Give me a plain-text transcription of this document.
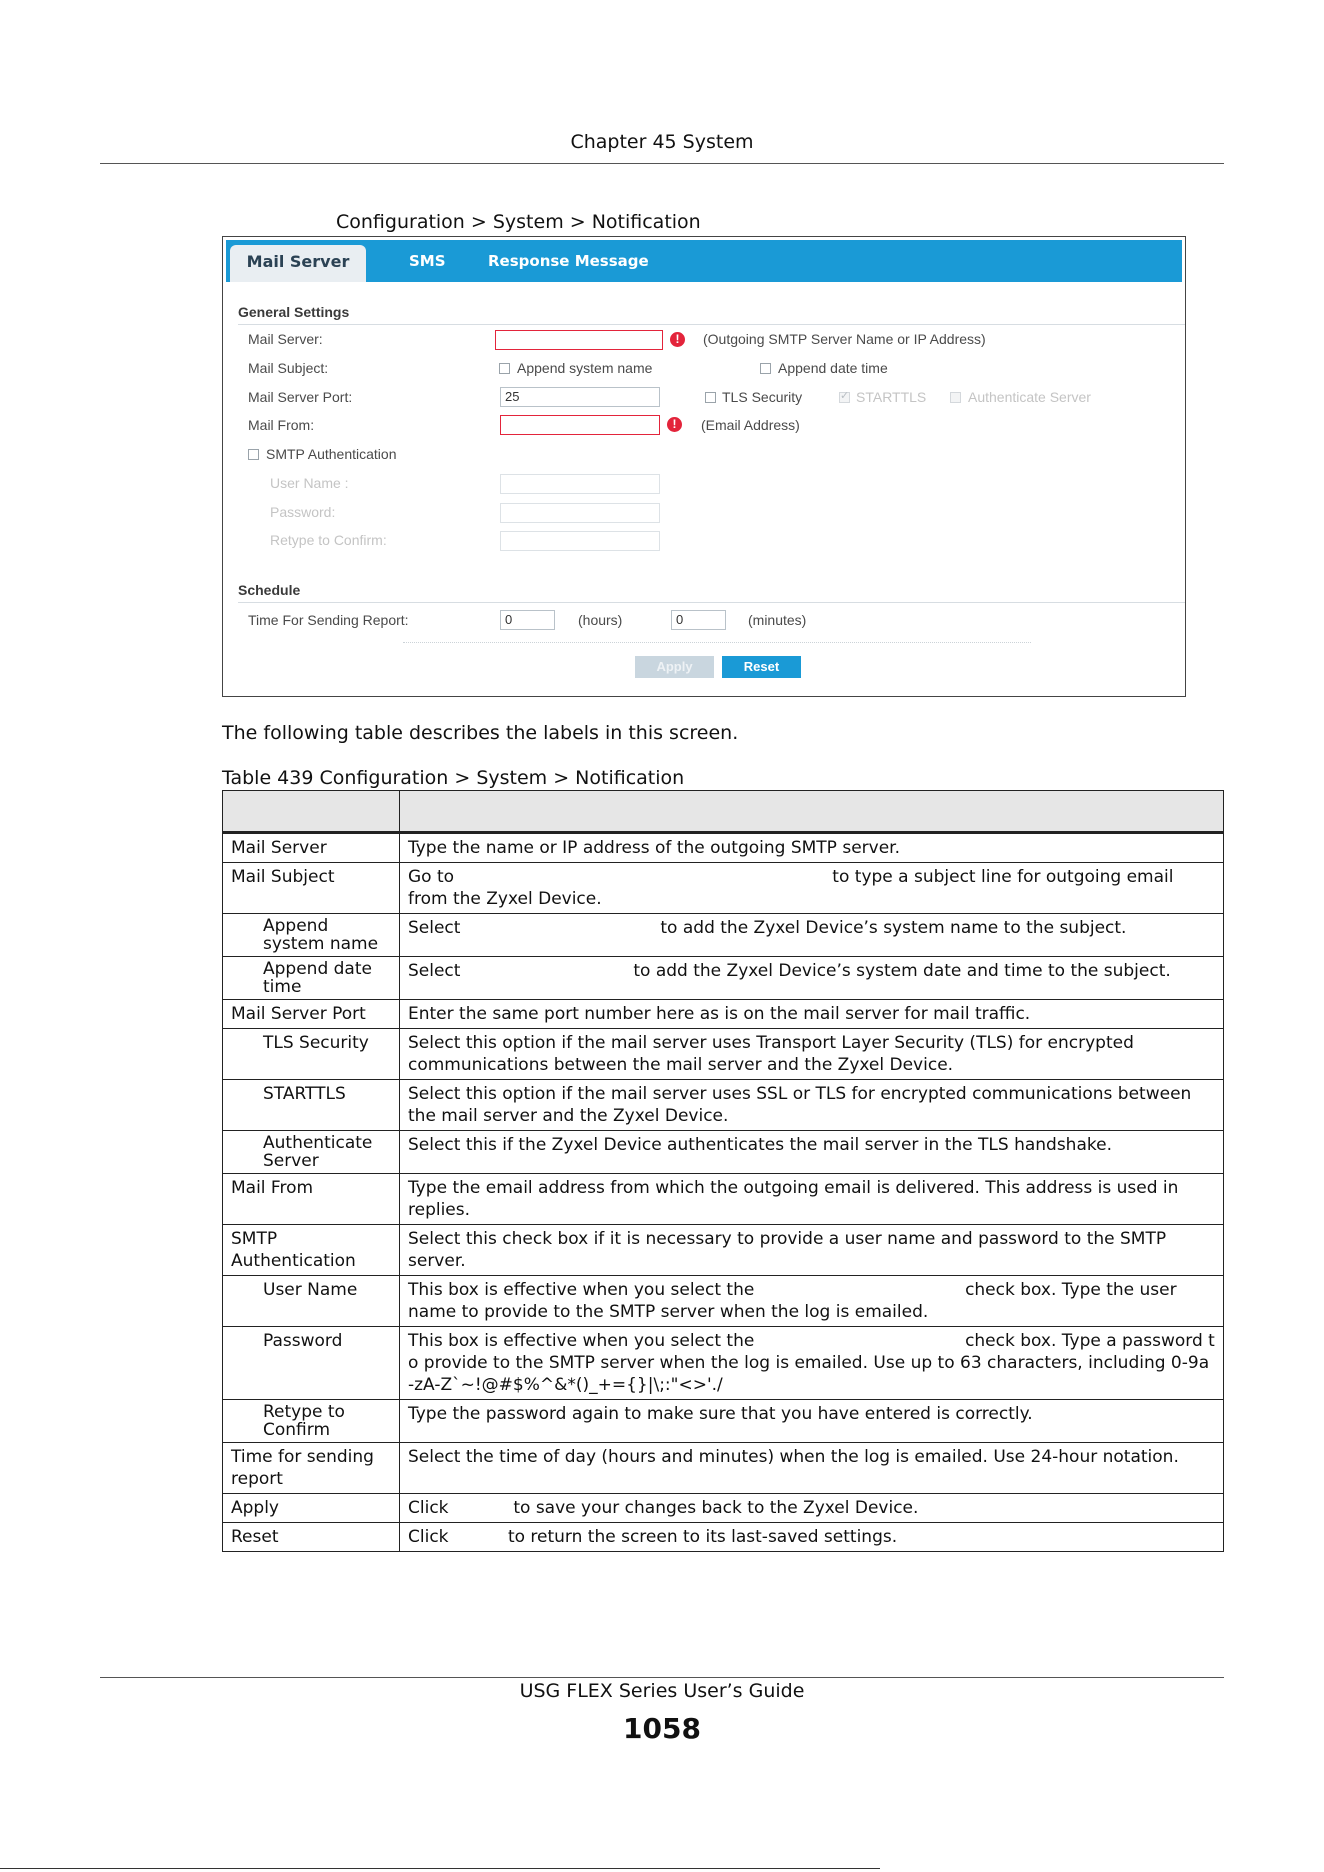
Chapter 45 System
Configuration > System > Notification
Mail Server	SMS	Response Message
General Settings
Mail Server:	!	(Outgoing SMTP Server Name or IP Address)
Mail Subject:	Append system name	Append date time
Mail Server Port:	25	TLS Security ✓	STARTTLS	Authenticate Server
Mail From:	!	(Email Address)
SMTP Authentication
User Name :
Password:
Retype to Confirm:
Schedule
Time For Sending Report:	0	(hours)	0	(minutes)
Apply	Reset
The following table describes the labels in this screen.
Table 439 Configuration > System > Notification

Mail Server	Type the name or IP address of the outgoing SMTP server.
Mail Subject	Go to                                                                      to type a subject line for outgoing email from the Zyxel Device.

Append
system name	Select                                     to add the Zyxel Device’s system name to the subject.

Append date
time	Select                                to add the Zyxel Device’s system date and time to the subject.
Mail Server Port	Enter the same port number here as is on the mail server for mail traffic.
TLS Security	Select this option if the mail server uses Transport Layer Security (TLS) for encrypted communications between the mail server and the Zyxel Device.
STARTTLS	Select this option if the mail server uses SSL or TLS for encrypted communications between the mail server and the Zyxel Device.

Authenticate
Server	Select this if the Zyxel Device authenticates the mail server in the TLS handshake.
Mail From	Type the email address from which the outgoing email is delivered. This address is used in replies.
SMTP Authentication	Select this check box if it is necessary to provide a user name and password to the SMTP server.
User Name	This box is effective when you select the                                       check box. Type the user name to provide to the SMTP server when the log is emailed.
Password	This box is effective when you select the                                       check box. Type a password to provide to the SMTP server when the log is emailed. Use up to 63 characters, including 0-9a-zA-Z`~!@#$%^&*()_+={}|\;:"<>'./

Retype to
Confirm	Type the password again to make sure that you have entered is correctly.
Time for sending report	Select the time of day (hours and minutes) when the log is emailed. Use 24-hour notation.
Apply	Click            to save your changes back to the Zyxel Device.
Reset	Click           to return the screen to its last-saved settings.
USG FLEX Series User’s Guide
1058
